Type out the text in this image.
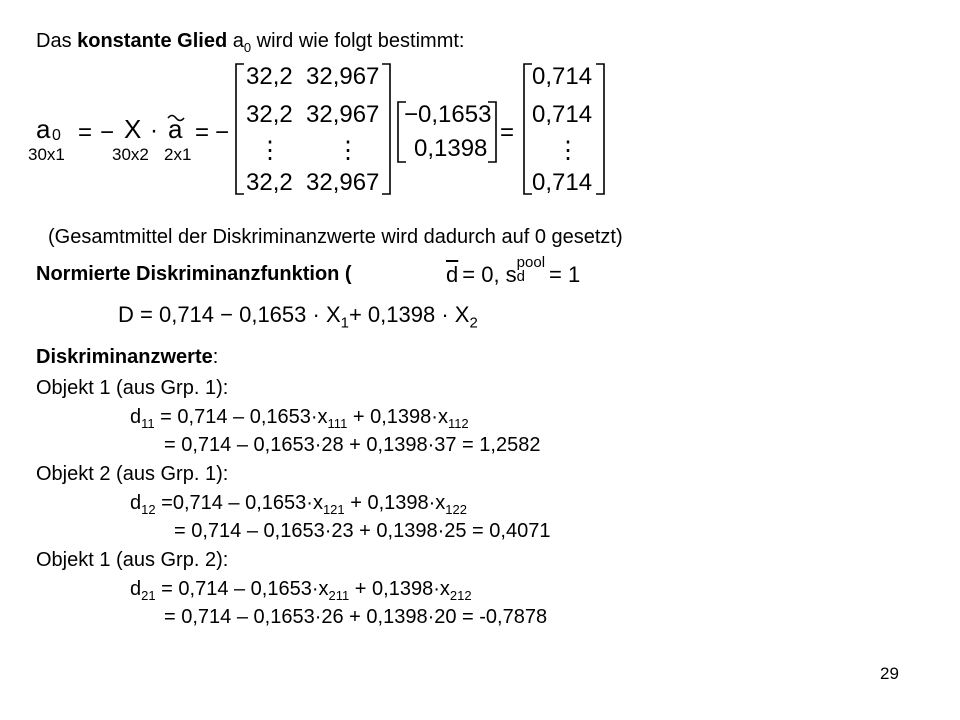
Das konstante Glied $a_0$ wird wie folgt bestimmt:
a 0
30x1
= − X
30x2
· a
2x1
= −
32,2 32,967
32,2 32,967
⋮ ⋮
32,2 32,967
−0,1653
0,1398
=
0,714
0,714
⋮
0,714
(Gesamtmittel der Diskriminanzwerte wird dadurch auf 0 gesetzt)
Normierte Diskriminanzfunktion (	$\overline{d} = 0$, s pool
d	= 1
$D = 0,714 - 0,1653 \cdot X_1+ 0,1398 \cdot X_2$
Diskriminanzwerte:
Objekt 1 (aus Grp. 1):
$d_{11} = 0,714 - 0,1653\cdot x_{111} + 0,1398\cdot x_{112}$
= 0,714 – 0,1653·28 + 0,1398·37 = 1,2582
Objekt 2 (aus Grp. 1):
$d_{12} =0,714 - 0,1653\cdot x_{121} + 0,1398\cdot x_{122}$
= 0,714 – 0,1653·23 + 0,1398·25 = 0,4071
Objekt 1 (aus Grp. 2):
$d_{21} = 0,714 - 0,1653\cdot x_{211} + 0,1398\cdot x_{212}$
= 0,714 – 0,1653·26 + 0,1398·20 = -0,7878
29
